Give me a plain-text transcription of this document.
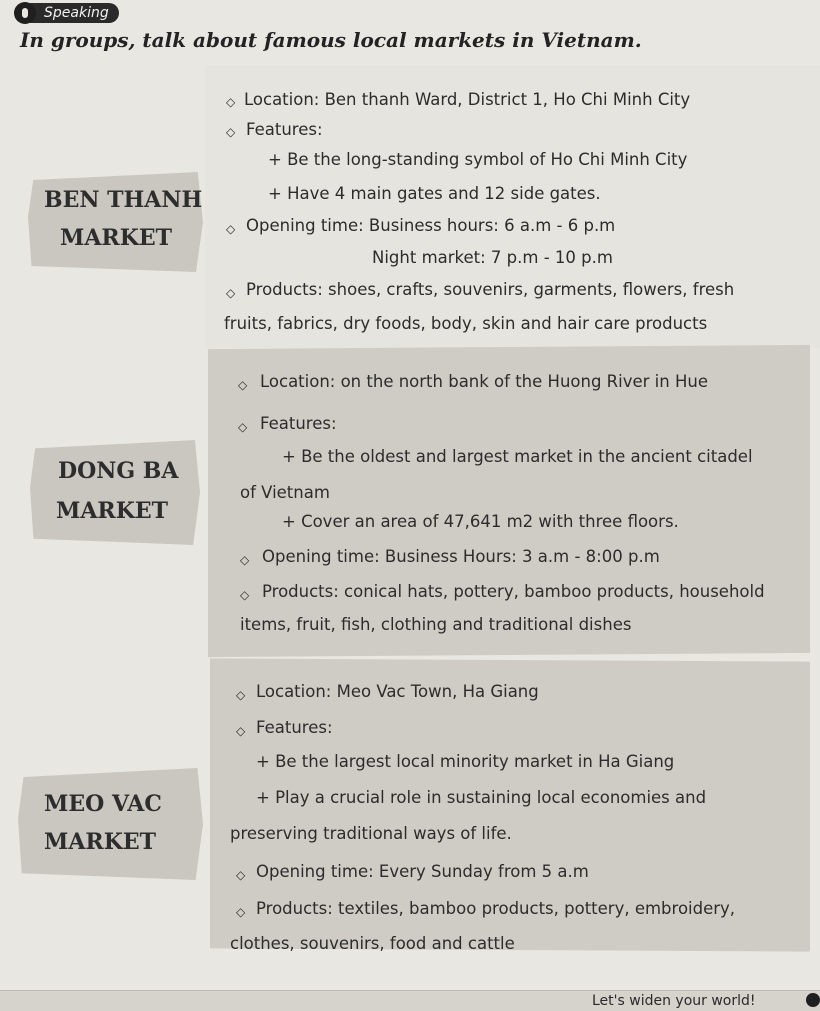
Speaking

In groups, talk about famous local markets in Vietnam.

BEN THANH
MARKET
◇ Location: Ben thanh Ward, District 1, Ho Chi Minh City
◇ Features:
+ Be the long-standing symbol of Ho Chi Minh City
+ Have 4 main gates and 12 side gates.
◇ Opening time: Business hours: 6 a.m - 6 p.m
Night market: 7 p.m - 10 p.m
◇ Products: shoes, crafts, souvenirs, garments, flowers, fresh
fruits, fabrics, dry foods, body, skin and hair care products
DONG BA
MARKET
◇ Location: on the north bank of the Huong River in Hue
◇ Features:
+ Be the oldest and largest market in the ancient citadel
of Vietnam
+ Cover an area of 47,641 m2 with three floors.
◇ Opening time: Business Hours: 3 a.m - 8:00 p.m
◇ Products: conical hats, pottery, bamboo products, household
items, fruit, fish, clothing and traditional dishes
MEO VAC
MARKET
◇ Location: Meo Vac Town, Ha Giang
◇ Features:
+ Be the largest local minority market in Ha Giang
+ Play a crucial role in sustaining local economies and
preserving traditional ways of life.
◇ Opening time: Every Sunday from 5 a.m
◇ Products: textiles, bamboo products, pottery, embroidery,
clothes, souvenirs, food and cattle
Let's widen your world!
